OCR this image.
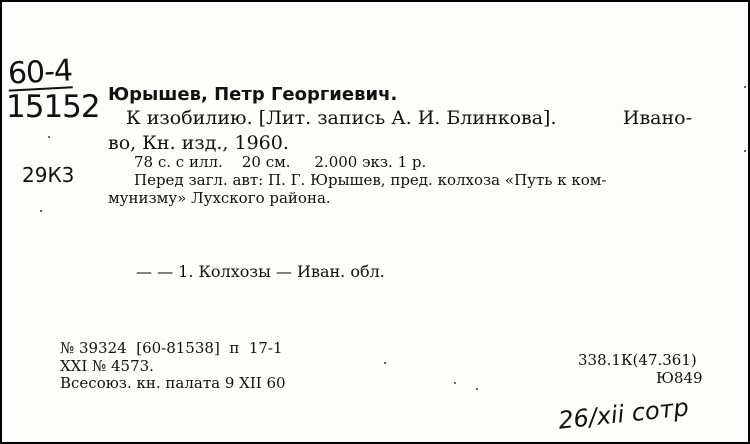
60-4
15152
29К3
Юрышев, Петр Георгиевич.
К изобилию. [Лит. запись А. И. Блинкова].	Ивано-
во, Кн. изд., 1960.
78 с. с илл.    20 см.     2.000 экз. 1 р.
Перед загл. авт: П. Г. Юрышев, пред. колхоза «Путь к ком-
мунизму» Лухского района.
— — 1. Колхозы — Иван. обл.
№ 39324  [60-81538]  п  17-1
XXI № 4573.
Всесоюз. кн. палата 9 XII 60
338.1К(47.361)
Ю849
26/xii сотр
